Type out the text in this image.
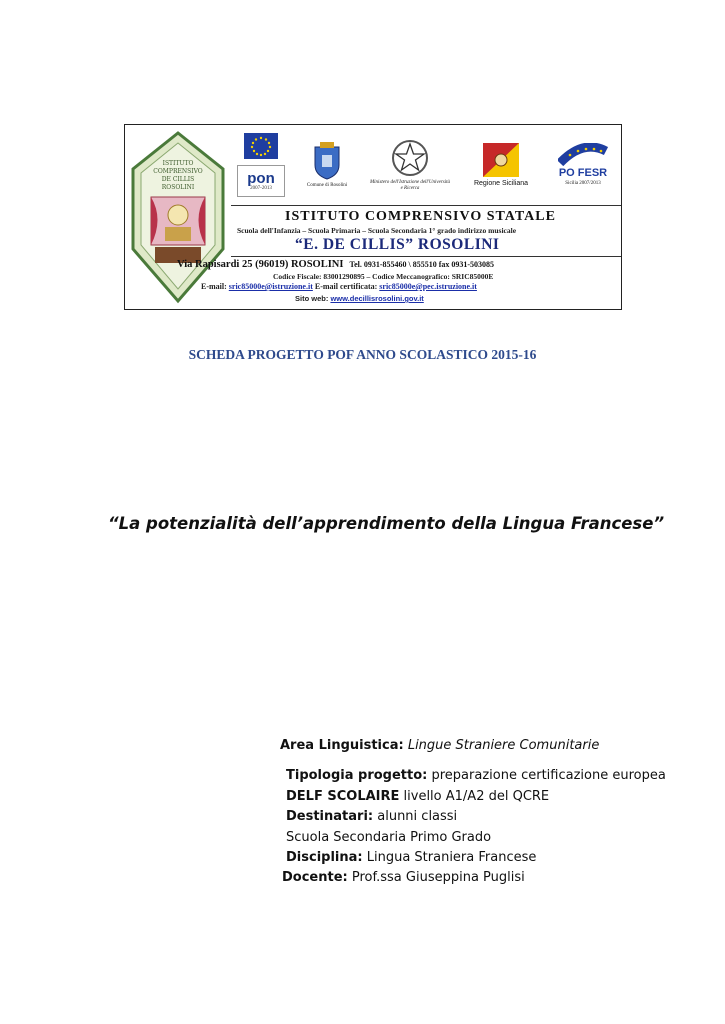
ISTITUTO
COMPRENSIVO
DE CILLIS
ROSOLINI
pon
2007-2013
Comune di Rosolini
Ministero dell'Istruzione dell'Università e Ricerca
Regione Siciliana
PO FESR
Sicilia 2007/2013
ISTITUTO COMPRENSIVO STATALE
Scuola dell'Infanzia – Scuola Primaria – Scuola Secondaria 1° grado indirizzo musicale
“E. DE CILLIS” ROSOLINI
Via Rapisardi 25 (96019) ROSOLINI Tel. 0931-855460 \ 855510 fax 0931-503085
Codice Fiscale: 83001290895 – Codice Meccanografico: SRIC85000E
E-mail: sric85000e@istruzione.it E-mail certificata: sric85000e@pec.istruzione.it
Sito web: www.decillisrosolini.gov.it
SCHEDA PROGETTO POF ANNO SCOLASTICO 2015-16
“La potenzialità dell’apprendimento della Lingua Francese”
Area Linguistica: Lingue Straniere Comunitarie
Tipologia progetto: preparazione certificazione europea
DELF SCOLAIRE livello A1/A2 del QCRE
Destinatari: alunni classi
Scuola Secondaria Primo Grado
Disciplina: Lingua Straniera Francese
Docente: Prof.ssa Giuseppina Puglisi
